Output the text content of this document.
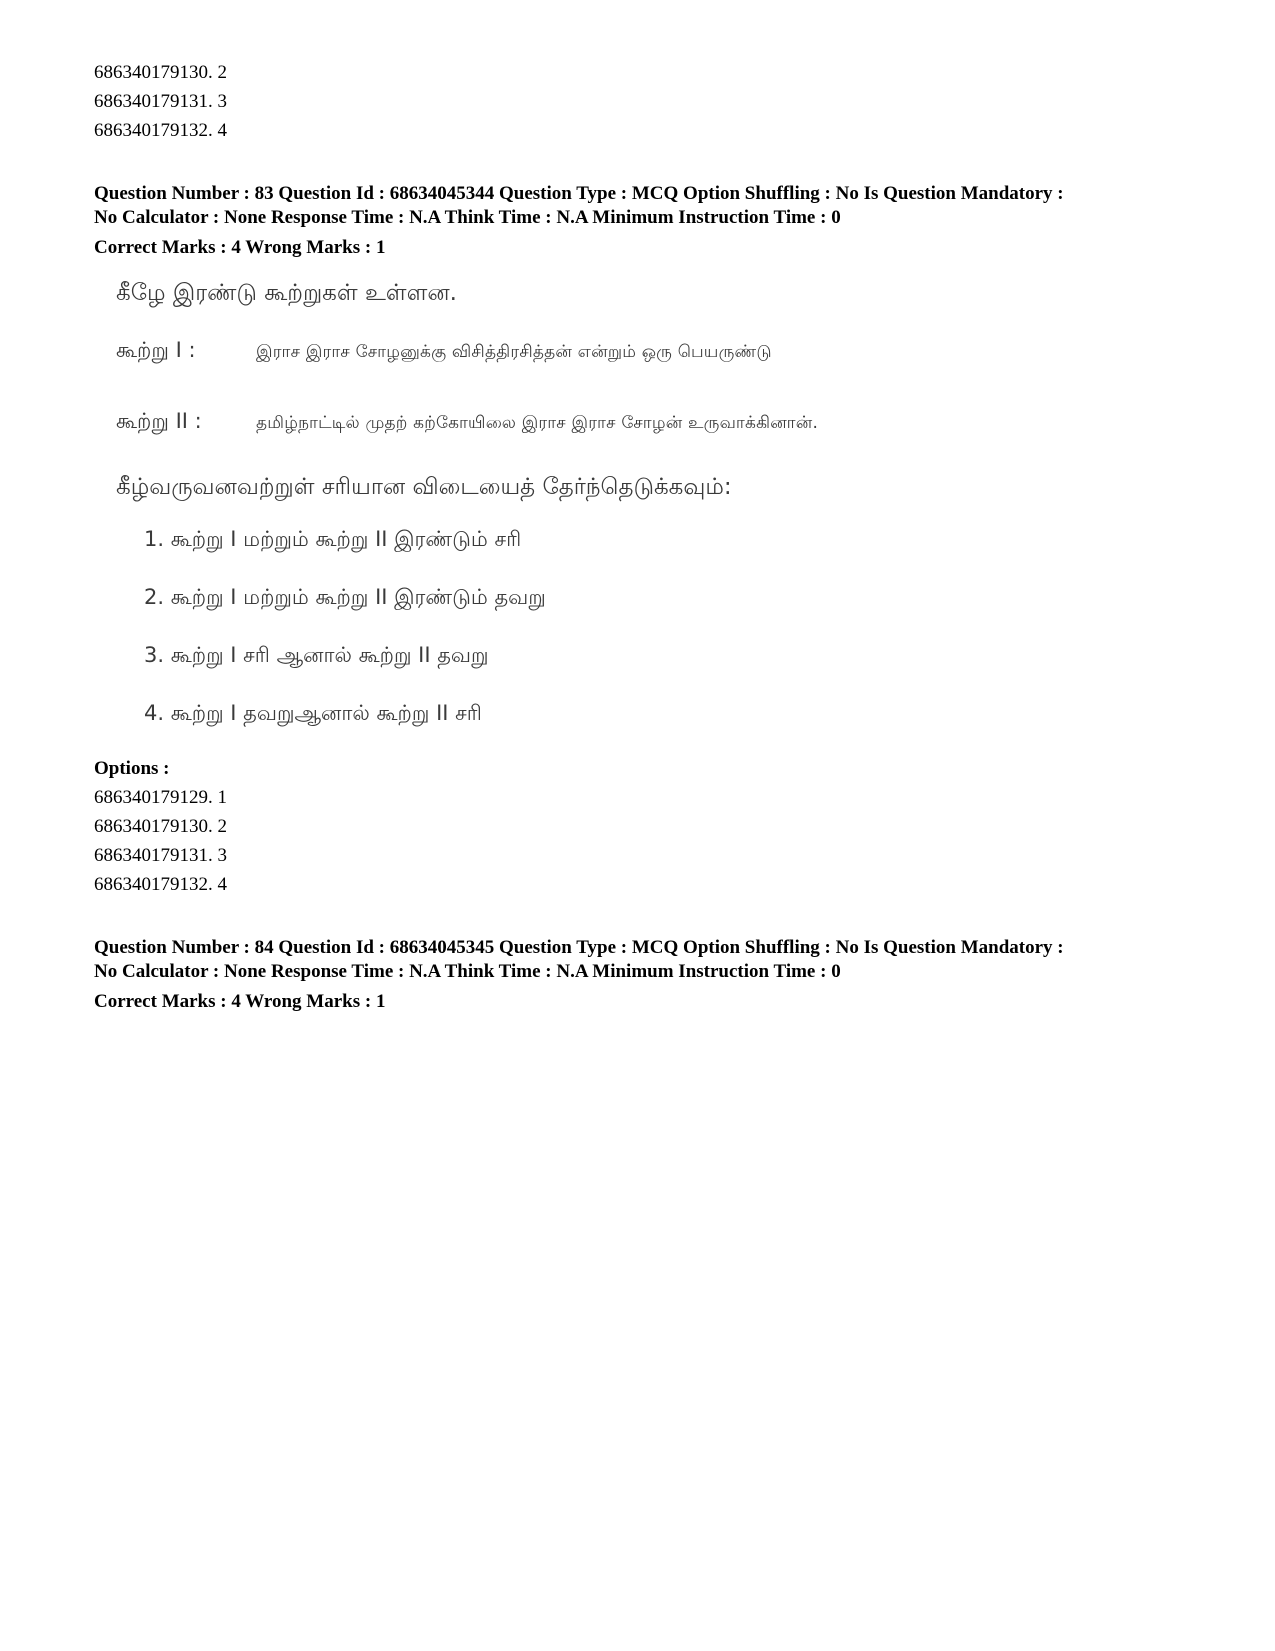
686340179130. 2
686340179131. 3
686340179132. 4
Question Number : 83 Question Id : 68634045344 Question Type : MCQ Option Shuffling : No Is Question Mandatory :
No Calculator : None Response Time : N.A Think Time : N.A Minimum Instruction Time : 0
Correct Marks : 4 Wrong Marks : 1
கீழே இரண்டு கூற்றுகள் உள்ளன.
கூற்று I :	இராச இராச சோழனுக்கு விசித்திரசித்தன் என்றும் ஒரு பெயருண்டு
கூற்று II :	தமிழ்நாட்டில் முதற் கற்கோயிலை இராச இராச சோழன் உருவாக்கினான்.
கீழ்வருவனவற்றுள் சரியான விடையைத் தேர்ந்தெடுக்கவும்:
1. கூற்று I மற்றும் கூற்று II இரண்டும் சரி
2. கூற்று I மற்றும் கூற்று II இரண்டும் தவறு
3. கூற்று I சரி ஆனால் கூற்று II தவறு
4. கூற்று I தவறுஆனால் கூற்று II சரி
Options :
686340179129. 1
686340179130. 2
686340179131. 3
686340179132. 4
Question Number : 84 Question Id : 68634045345 Question Type : MCQ Option Shuffling : No Is Question Mandatory :
No Calculator : None Response Time : N.A Think Time : N.A Minimum Instruction Time : 0
Correct Marks : 4 Wrong Marks : 1
